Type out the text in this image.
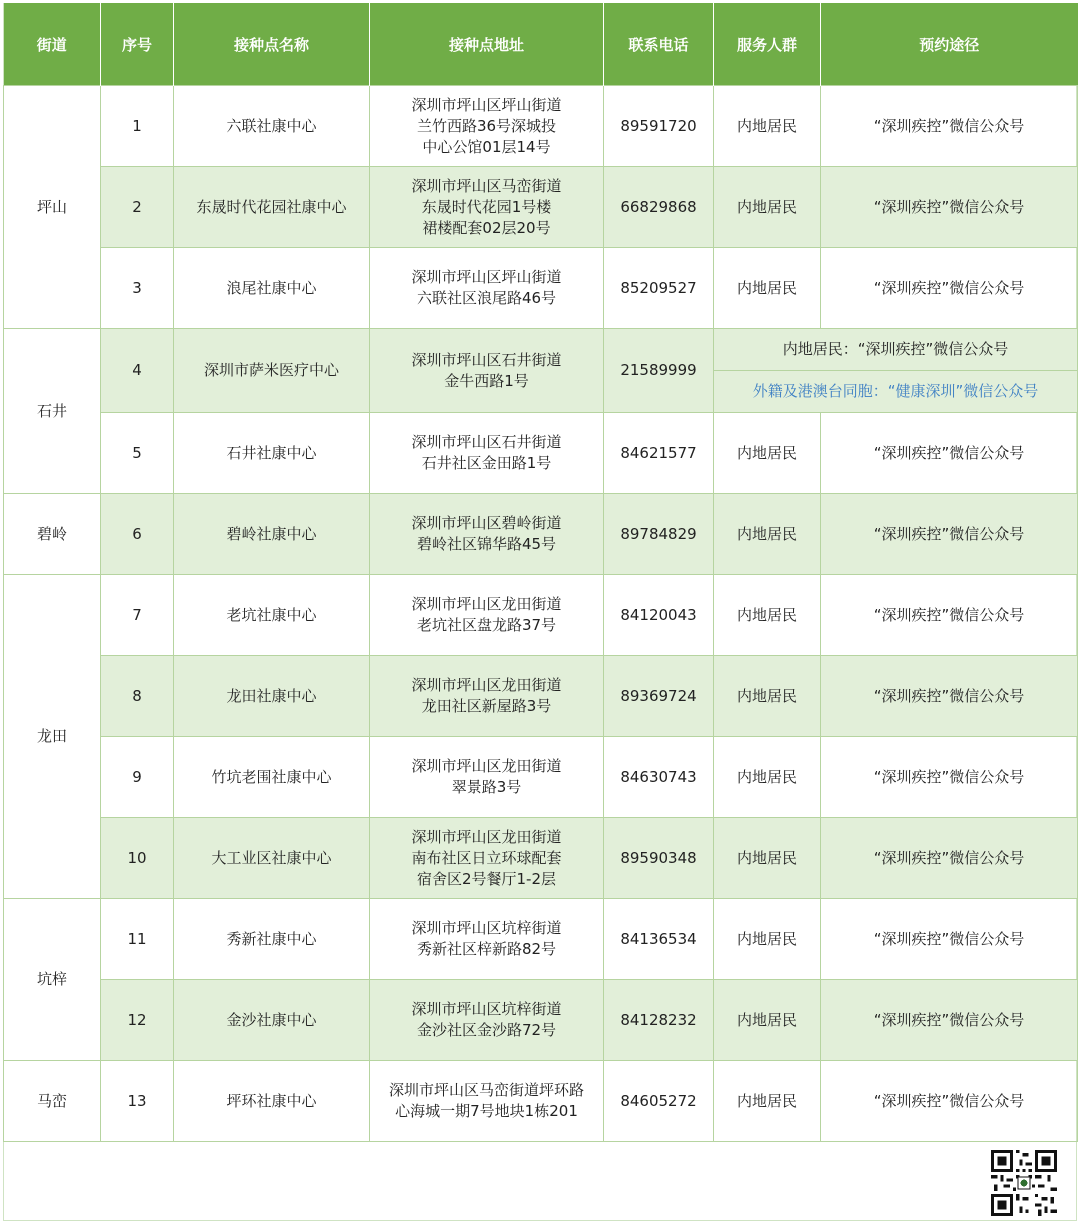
街道	序号	接种点名称	接种点地址	联系电话	服务人群	预约途径
坪山	1	六联社康中心	深圳市坪山区坪山街道
兰竹西路36号深城投
中心公馆01层14号	89591720	内地居民	“深圳疾控”微信公众号
	2	东晟时代花园社康中心	深圳市坪山区马峦街道
东晟时代花园1号楼
裙楼配套02层20号	66829868	内地居民	“深圳疾控”微信公众号
	3	浪尾社康中心	深圳市坪山区坪山街道
六联社区浪尾路46号	85209527	内地居民	“深圳疾控”微信公众号
石井	4	深圳市萨米医疗中心	深圳市坪山区石井街道
金牛西路1号	21589999	内地居民：“深圳疾控”微信公众号	
					外籍及港澳台同胞：“健康深圳”微信公众号	
	5	石井社康中心	深圳市坪山区石井街道
石井社区金田路1号	84621577	内地居民	“深圳疾控”微信公众号
碧岭	6	碧岭社康中心	深圳市坪山区碧岭街道
碧岭社区锦华路45号	89784829	内地居民	“深圳疾控”微信公众号
龙田	7	老坑社康中心	深圳市坪山区龙田街道
老坑社区盘龙路37号	84120043	内地居民	“深圳疾控”微信公众号
	8	龙田社康中心	深圳市坪山区龙田街道
龙田社区新屋路3号	89369724	内地居民	“深圳疾控”微信公众号
	9	竹坑老围社康中心	深圳市坪山区龙田街道
翠景路3号	84630743	内地居民	“深圳疾控”微信公众号
	10	大工业区社康中心	深圳市坪山区龙田街道
南布社区日立环球配套
宿舍区2号餐厅1-2层	89590348	内地居民	“深圳疾控”微信公众号
坑梓	11	秀新社康中心	深圳市坪山区坑梓街道
秀新社区梓新路82号	84136534	内地居民	“深圳疾控”微信公众号
	12	金沙社康中心	深圳市坪山区坑梓街道
金沙社区金沙路72号	84128232	内地居民	“深圳疾控”微信公众号
马峦	13	坪环社康中心	深圳市坪山区马峦街道坪环路
心海城一期7号地块1栋201	84605272	内地居民	“深圳疾控”微信公众号
